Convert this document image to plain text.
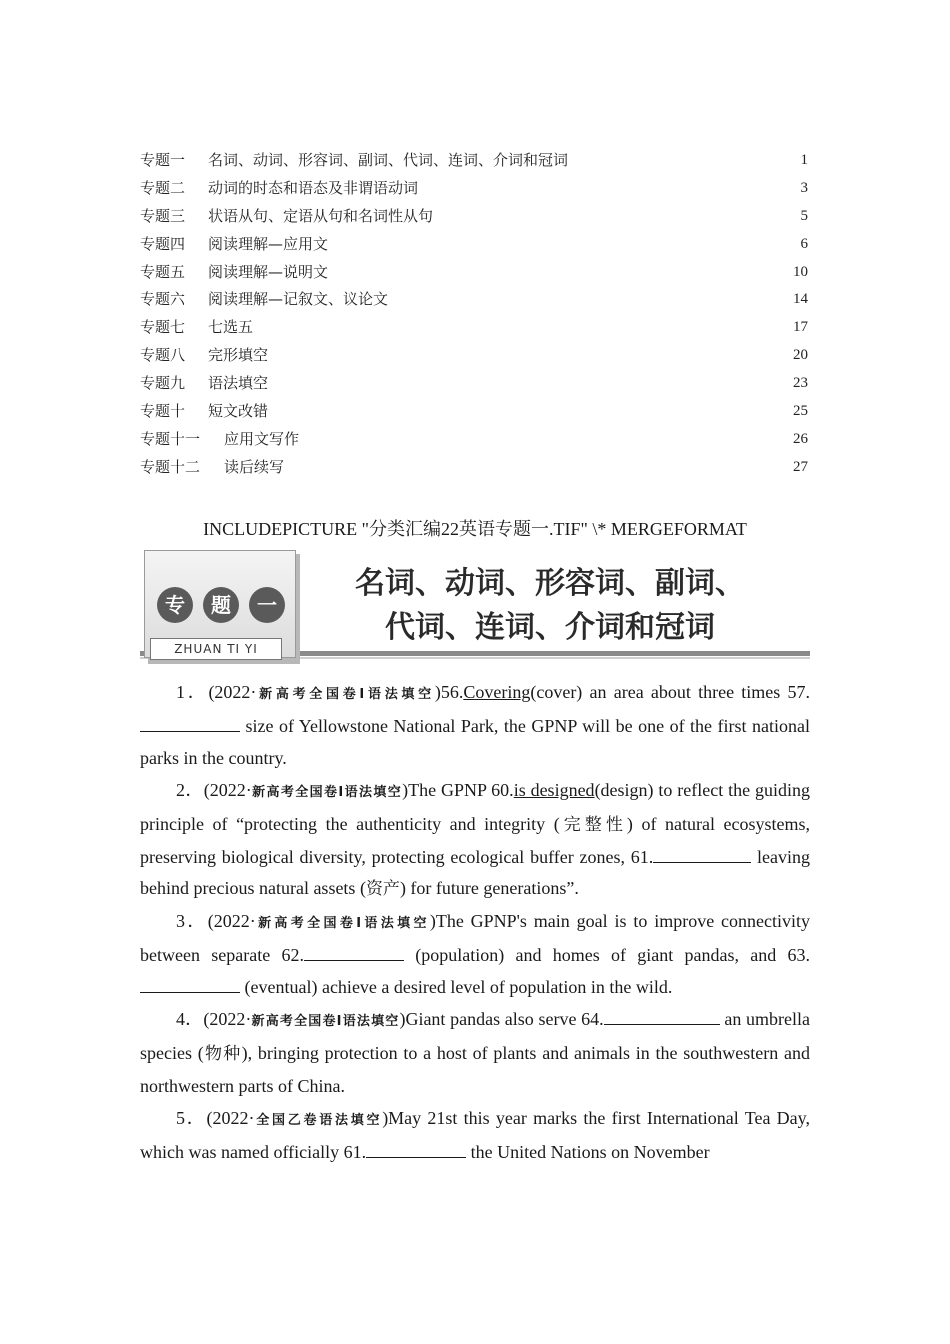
专题一 名词、动词、形容词、副词、代词、连词、介词和冠词	1
专题二 动词的时态和语态及非谓语动词	3
专题三 状语从句、定语从句和名词性从句	5
专题四 阅读理解—应用文	6
专题五 阅读理解—说明文	10
专题六 阅读理解—记叙文、议论文	14
专题七 七选五	17
专题八 完形填空	20
专题九 语法填空	23
专题十 短文改错	25
专题十一 应用文写作	26
专题十二 读后续写	27
INCLUDEPICTURE "分类汇编22英语专题一.TIF" \* MERGEFORMAT
专	题	一
ZHUAN TI YI
名词、动词、形容词、副词、
代词、连词、介词和冠词

1．(2022·新高考全国卷Ⅰ语法填空)56.Covering(cover) an area about three times 57. size of Yellowstone National Park, the GPNP will be one of the first national parks in the country.

2．(2022·新高考全国卷Ⅰ语法填空)The GPNP 60.is designed(design) to reflect the guiding principle of “protecting the authenticity and integrity (完整性) of natural ecosystems, preserving biological diversity, protecting ecological buffer zones, 61.	leaving behind precious natural assets (资产) for future generations”.

3．(2022·新高考全国卷Ⅰ语法填空)The GPNP's main goal is to improve connectivity between separate 62.	(population) and homes of giant pandas, and 63. (eventual) achieve a desired level of population in the wild.

4．(2022·新高考全国卷Ⅰ语法填空)Giant pandas also serve 64.	an umbrella species (物种), bringing protection to a host of plants and animals in the southwestern and northwestern parts of China.

5．(2022·全国乙卷语法填空)May 21st this year marks the first International Tea Day, which was named officially 61.	the United Nations on November
